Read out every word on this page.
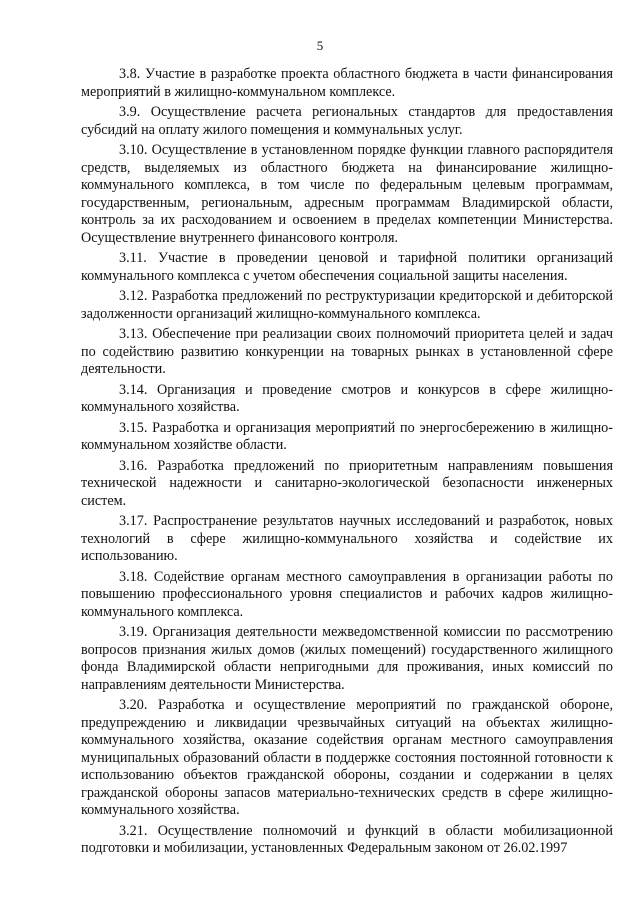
5

3.8. Участие в разработке проекта областного бюджета в части финансирования мероприятий в жилищно-коммунальном комплексе.

3.9. Осуществление расчета региональных стандартов для предоставления субсидий на оплату жилого помещения и коммунальных услуг.

3.10. Осуществление в установленном порядке функции главного распорядителя средств, выделяемых из областного бюджета на финансирование жилищно-коммунального комплекса, в том числе по федеральным целевым программам, государственным, региональным, адресным программам Владимирской области, контроль за их расходованием и освоением в пределах компетенции Министерства. Осуществление внутреннего финансового контроля.

3.11. Участие в проведении ценовой и тарифной политики организаций коммунального комплекса с учетом обеспечения социальной защиты населения.

3.12. Разработка предложений по реструктуризации кредиторской и дебиторской задолженности организаций жилищно-коммунального комплекса.

3.13. Обеспечение при реализации своих полномочий приоритета целей и задач по содействию развитию конкуренции на товарных рынках в установленной сфере деятельности.

3.14. Организация и проведение смотров и конкурсов в сфере жилищно-коммунального хозяйства.

3.15. Разработка и организация мероприятий по энергосбережению в жилищно-коммунальном хозяйстве области.

3.16. Разработка предложений по приоритетным направлениям повышения технической надежности и санитарно-экологической безопасности инженерных систем.

3.17. Распространение результатов научных исследований и разработок, новых технологий в сфере жилищно-коммунального хозяйства и содействие их использованию.

3.18. Содействие органам местного самоуправления в организации работы по повышению профессионального уровня специалистов и рабочих кадров жилищно-коммунального комплекса.

3.19. Организация деятельности межведомственной комиссии по рассмотрению вопросов признания жилых домов (жилых помещений) государственного жилищного фонда Владимирской области непригодными для проживания, иных комиссий по направлениям деятельности Министерства.

3.20. Разработка и осуществление мероприятий по гражданской обороне, предупреждению и ликвидации чрезвычайных ситуаций на объектах жилищно-коммунального хозяйства, оказание содействия органам местного самоуправления муниципальных образований области в поддержке состояния постоянной готовности к использованию объектов гражданской обороны, создании и содержании в целях гражданской обороны запасов материально-технических средств в сфере жилищно-коммунального хозяйства.

3.21. Осуществление полномочий и функций в области мобилизационной подготовки и мобилизации, установленных Федеральным законом от 26.02.1997
